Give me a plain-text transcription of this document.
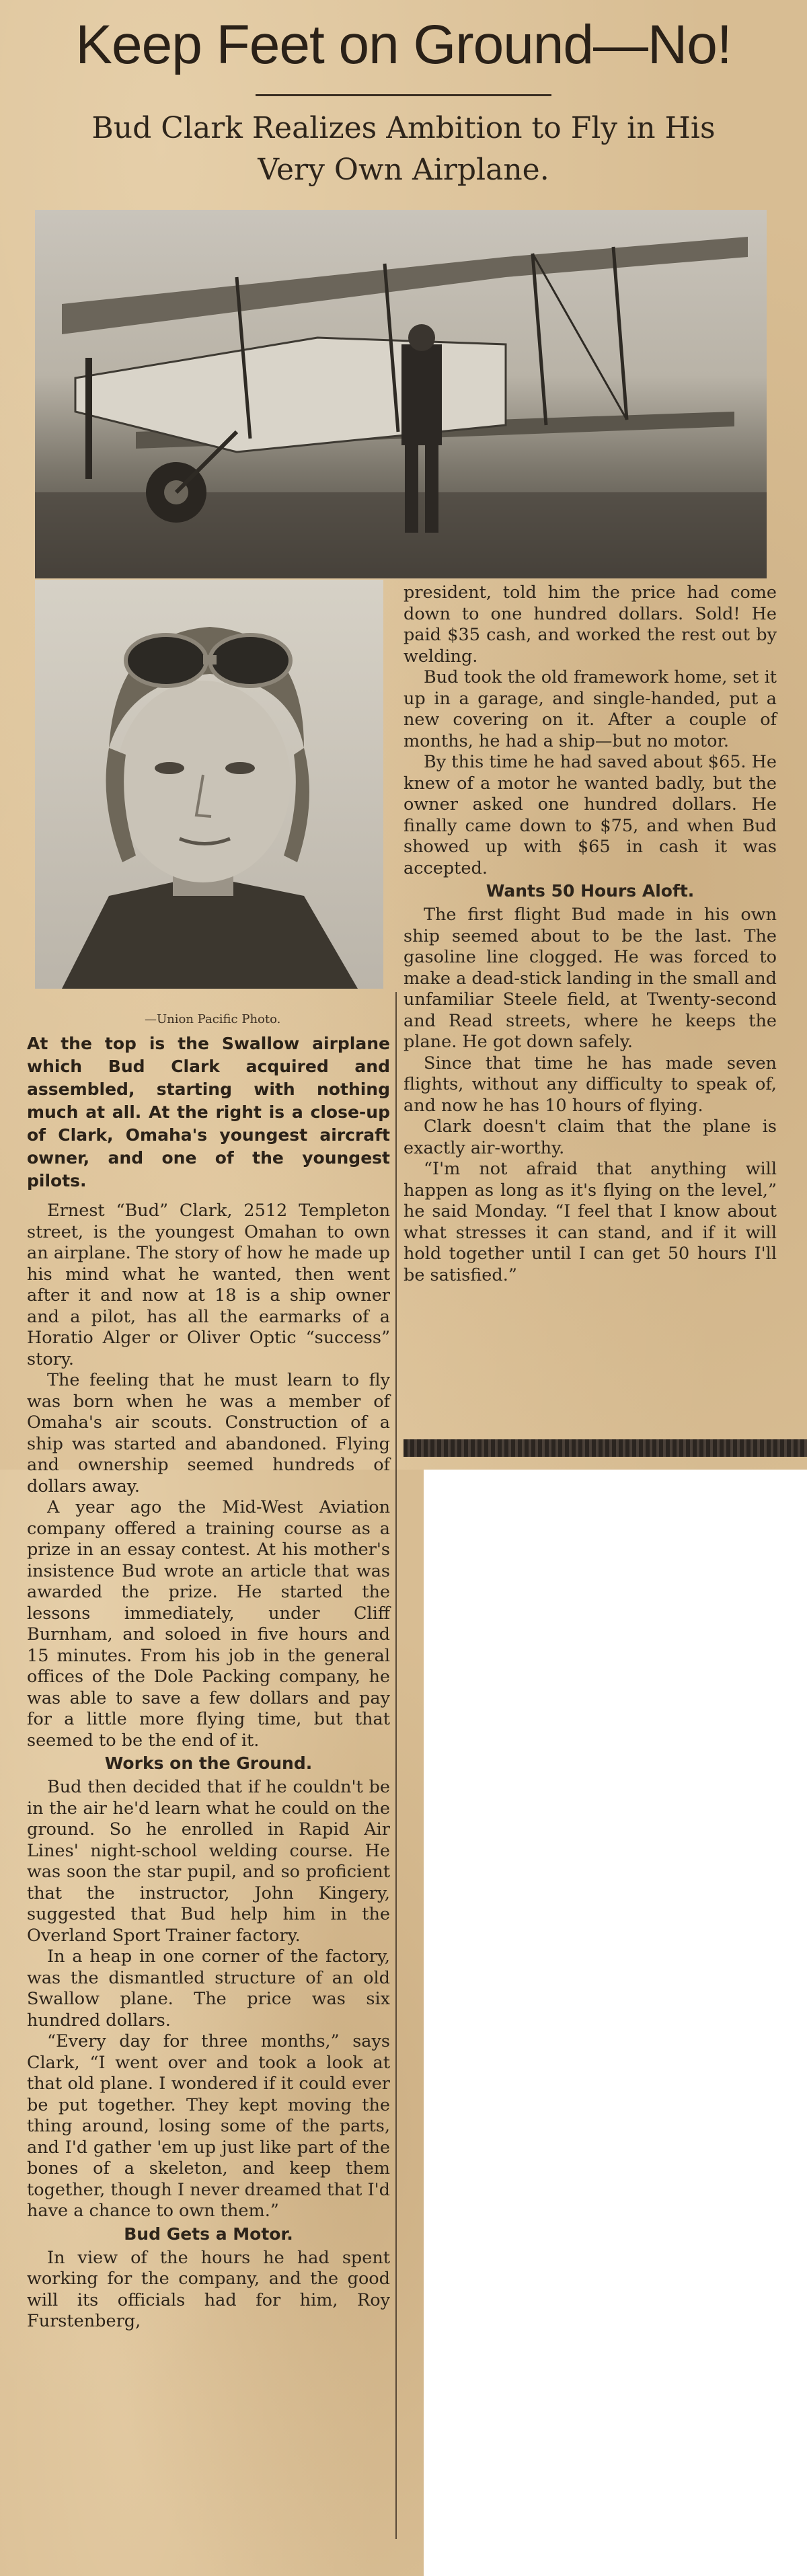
Keep Feet on Ground—No!
Bud Clark Realizes Ambition to Fly in His
Very Own Airplane.
—Union Pacific Photo.
At the top is the Swallow airplane which Bud Clark acquired and assembled, starting with nothing much at all. At the right is a close-up of Clark, Omaha's youngest aircraft owner, and one of the youngest pilots.

Ernest “Bud” Clark, 2512 Templeton street, is the youngest Omahan to own an airplane. The story of how he made up his mind what he wanted, then went after it and now at 18 is a ship owner and a pilot, has all the earmarks of a Horatio Alger or Oliver Optic “success” story.

The feeling that he must learn to fly was born when he was a member of Omaha's air scouts. Construction of a ship was started and abandoned. Flying and ownership seemed hundreds of dollars away.

A year ago the Mid-West Aviation company offered a training course as a prize in an essay contest. At his mother's insistence Bud wrote an article that was awarded the prize. He started the lessons immediately, under Cliff Burnham, and soloed in five hours and 15 minutes. From his job in the general offices of the Dole Packing company, he was able to save a few dollars and pay for a little more flying time, but that seemed to be the end of it.

Works on the Ground.

Bud then decided that if he couldn't be in the air he'd learn what he could on the ground. So he enrolled in Rapid Air Lines' night-school welding course. He was soon the star pupil, and so proficient that the instructor, John Kingery, suggested that Bud help him in the Overland Sport Trainer factory.

In a heap in one corner of the factory, was the dismantled structure of an old Swallow plane. The price was six hundred dollars.

“Every day for three months,” says Clark, “I went over and took a look at that old plane. I wondered if it could ever be put together. They kept moving the thing around, losing some of the parts, and I'd gather 'em up just like part of the bones of a skeleton, and keep them together, though I never dreamed that I'd have a chance to own them.”

Bud Gets a Motor.

In view of the hours he had spent working for the company, and the good will its officials had for him, Roy Furstenberg,

president, told him the price had come down to one hundred dollars. Sold! He paid $35 cash, and worked the rest out by welding.

Bud took the old framework home, set it up in a garage, and single-handed, put a new covering on it. After a couple of months, he had a ship—but no motor.

By this time he had saved about $65. He knew of a motor he wanted badly, but the owner asked one hundred dollars. He finally came down to $75, and when Bud showed up with $65 in cash it was accepted.

Wants 50 Hours Aloft.

The first flight Bud made in his own ship seemed about to be the last. The gasoline line clogged. He was forced to make a dead-stick landing in the small and unfamiliar Steele field, at Twenty-second and Read streets, where he keeps the plane. He got down safely.

Since that time he has made seven flights, without any difficulty to speak of, and now he has 10 hours of flying.

Clark doesn't claim that the plane is exactly air-worthy.

“I'm not afraid that anything will happen as long as it's flying on the level,” he said Monday. “I feel that I know about what stresses it can stand, and if it will hold together until I can get 50 hours I'll be satisfied.”
